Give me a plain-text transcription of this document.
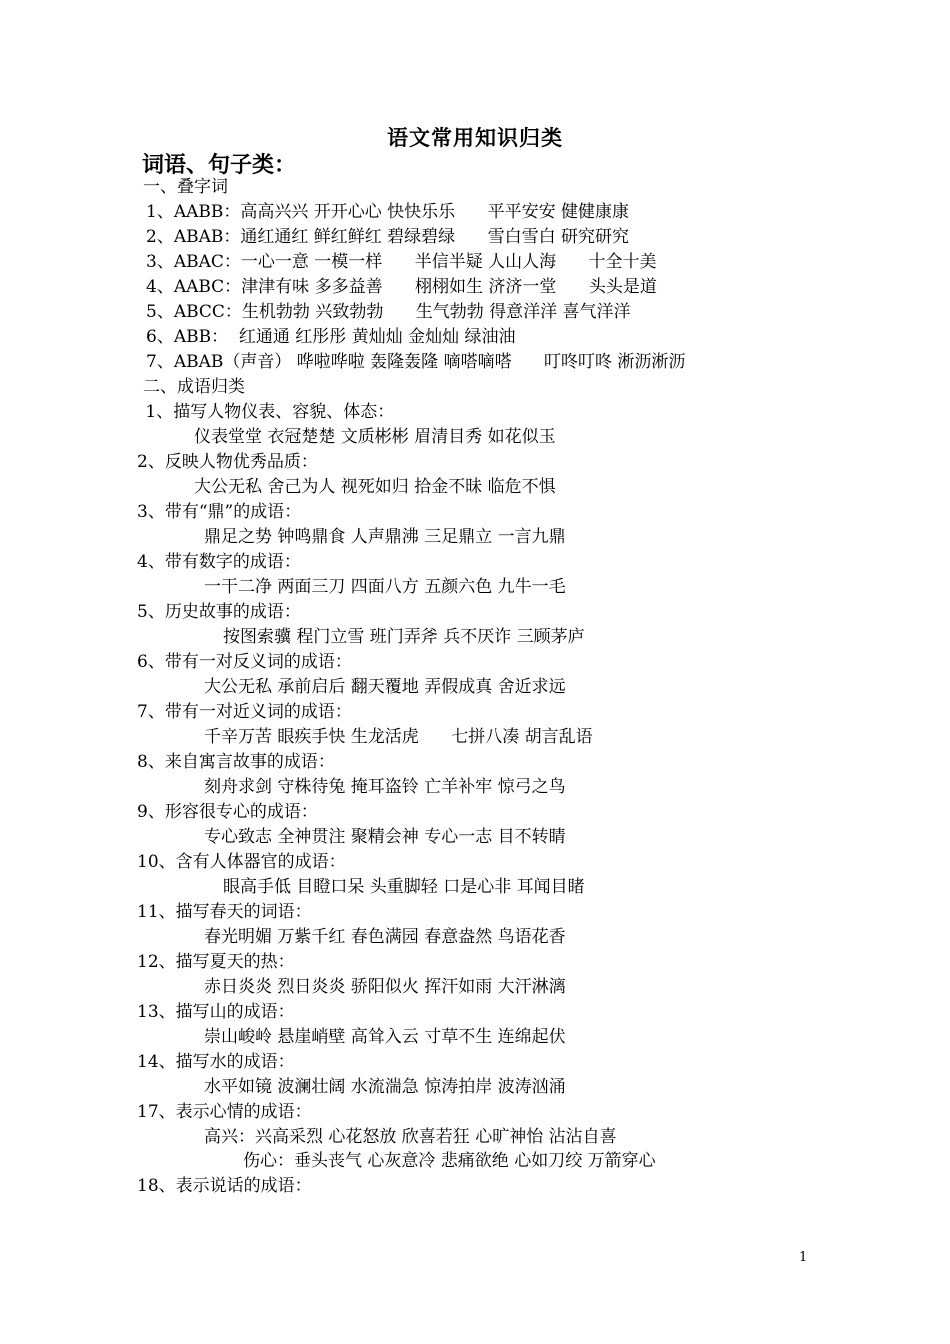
语文常用知识归类
词语、句子类：
一、叠字词
1、AABB：高高兴兴 开开心心 快快乐乐      平平安安 健健康康
2、ABAB：通红通红 鲜红鲜红 碧绿碧绿      雪白雪白 研究研究
3、ABAC：一心一意 一模一样      半信半疑 人山人海      十全十美
4、AABC：津津有味 多多益善      栩栩如生 济济一堂      头头是道
5、ABCC：生机勃勃 兴致勃勃      生气勃勃 得意洋洋 喜气洋洋
6、ABB：  红通通 红彤彤 黄灿灿 金灿灿 绿油油
7、ABAB（声音） 哗啦哗啦 轰隆轰隆 嘀嗒嘀嗒      叮咚叮咚 淅沥淅沥
二、成语归类
1、描写人物仪表、容貌、体态：
仪表堂堂 衣冠楚楚 文质彬彬 眉清目秀 如花似玉
2、反映人物优秀品质：
大公无私 舍己为人 视死如归 拾金不昧 临危不惧
3、带有“鼎”的成语：
鼎足之势 钟鸣鼎食 人声鼎沸 三足鼎立 一言九鼎
4、带有数字的成语：
一干二净 两面三刀 四面八方 五颜六色 九牛一毛
5、历史故事的成语：
按图索骥 程门立雪 班门弄斧 兵不厌诈 三顾茅庐
6、带有一对反义词的成语：
大公无私 承前启后 翻天覆地 弄假成真 舍近求远
7、带有一对近义词的成语：
千辛万苦 眼疾手快 生龙活虎      七拼八凑 胡言乱语
8、来自寓言故事的成语：
刻舟求剑 守株待兔 掩耳盗铃 亡羊补牢 惊弓之鸟
9、形容很专心的成语：
专心致志 全神贯注 聚精会神 专心一志 目不转睛
10、含有人体器官的成语：
眼高手低 目瞪口呆 头重脚轻 口是心非 耳闻目睹
11、描写春天的词语：
春光明媚 万紫千红 春色满园 春意盎然 鸟语花香
12、描写夏天的热：
赤日炎炎 烈日炎炎 骄阳似火 挥汗如雨 大汗淋漓
13、描写山的成语：
崇山峻岭 悬崖峭壁 高耸入云 寸草不生 连绵起伏
14、描写水的成语：
水平如镜 波澜壮阔 水流湍急 惊涛拍岸 波涛汹涌
17、表示心情的成语：
高兴：兴高采烈 心花怒放 欣喜若狂 心旷神怡 沾沾自喜
伤心：垂头丧气 心灰意冷 悲痛欲绝 心如刀绞 万箭穿心
18、表示说话的成语：
1
